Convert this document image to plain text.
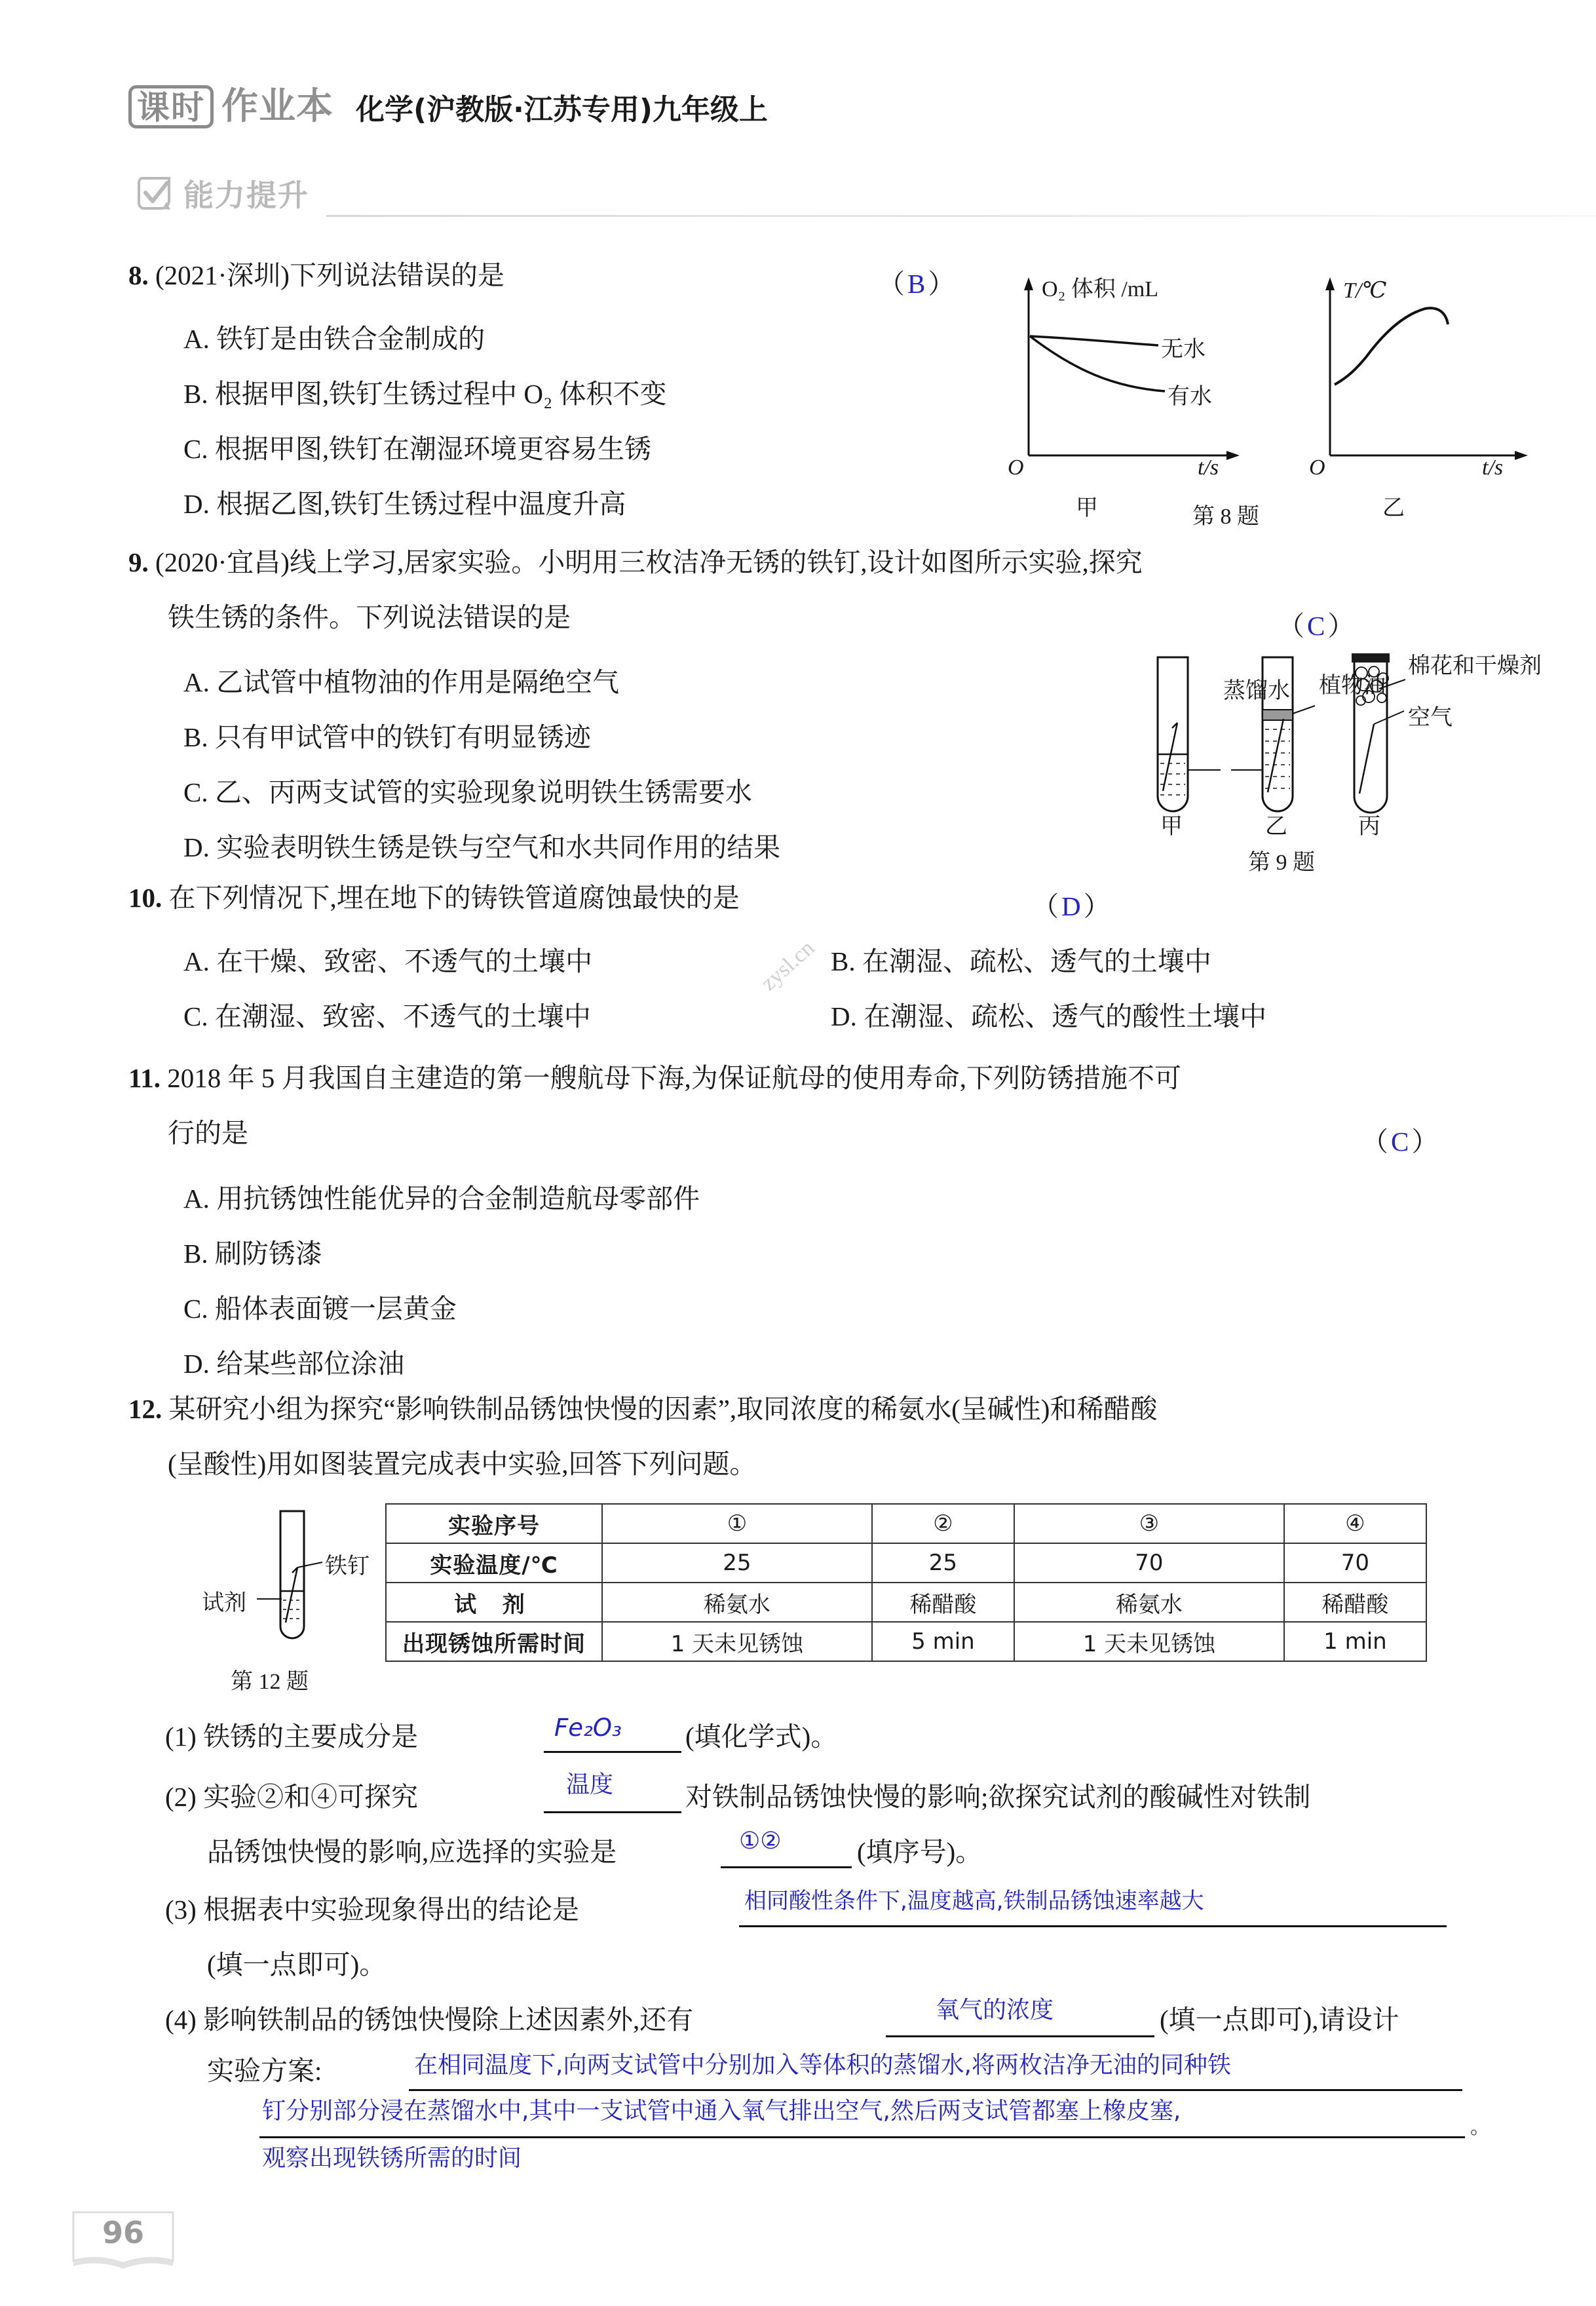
课时 作业本 化学(沪教版·江苏专用)九年级上
能力提升
8. (2021·深圳)下列说法错误的是	（B）
A. 铁钉是由铁合金制成的
B. 根据甲图,铁钉生锈过程中 O₂ 体积不变
C. 根据甲图,铁钉在潮湿环境更容易生锈
D. 根据乙图,铁钉生锈过程中温度升高
O₂ 体积 /mL
O	t/s
无水
有水
甲
T/℃
O	t/s
乙
第 8 题
9. (2020·宜昌)线上学习,居家实验。小明用三枚洁净无锈的铁钉,设计如图所示实验,探究
铁生锈的条件。下列说法错误的是	（C）
A. 乙试管中植物油的作用是隔绝空气
B. 只有甲试管中的铁钉有明显锈迹
C. 乙、丙两支试管的实验现象说明铁生锈需要水
D. 实验表明铁生锈是铁与空气和水共同作用的结果
蒸馏水 植物油
棉花和干燥剂
空气
甲	乙	丙
第 9 题
10. 在下列情况下,埋在地下的铸铁管道腐蚀最快的是	（D）
A. 在干燥、致密、不透气的土壤中	B. 在潮湿、疏松、透气的土壤中
C. 在潮湿、致密、不透气的土壤中	D. 在潮湿、疏松、透气的酸性土壤中
zysl.cn
11. 2018 年 5 月我国自主建造的第一艘航母下海,为保证航母的使用寿命,下列防锈措施不可
行的是	（C）
A. 用抗锈蚀性能优异的合金制造航母零部件
B. 刷防锈漆
C. 船体表面镀一层黄金
D. 给某些部位涂油
12. 某研究小组为探究“影响铁制品锈蚀快慢的因素”,取同浓度的稀氨水(呈碱性)和稀醋酸
(呈酸性)用如图装置完成表中实验,回答下列问题。
铁钉
试剂
第 12 题
实验序号	①	②	③	④
实验温度/℃	25	25	70	70
试 剂	稀氨水	稀醋酸	稀氨水	稀醋酸
出现锈蚀所需时间	1 天未见锈蚀	5 min	1 天未见锈蚀	1 min
(1) 铁锈的主要成分是	Fe₂O₃ (填化学式)。
(2) 实验②和④可探究	温度	对铁制品锈蚀快慢的影响;欲探究试剂的酸碱性对铁制
品锈蚀快慢的影响,应选择的实验是	①②	(填序号)。
(3) 根据表中实验现象得出的结论是	相同酸性条件下,温度越高,铁制品锈蚀速率越大
(填一点即可)。
(4) 影响铁制品的锈蚀快慢除上述因素外,还有	氧气的浓度	(填一点即可),请设计
实验方案:	在相同温度下,向两支试管中分别加入等体积的蒸馏水,将两枚洁净无油的同种铁
钉分别部分浸在蒸馏水中,其中一支试管中通入氧气排出空气,然后两支试管都塞上橡皮塞,
。
观察出现铁锈所需的时间
96
